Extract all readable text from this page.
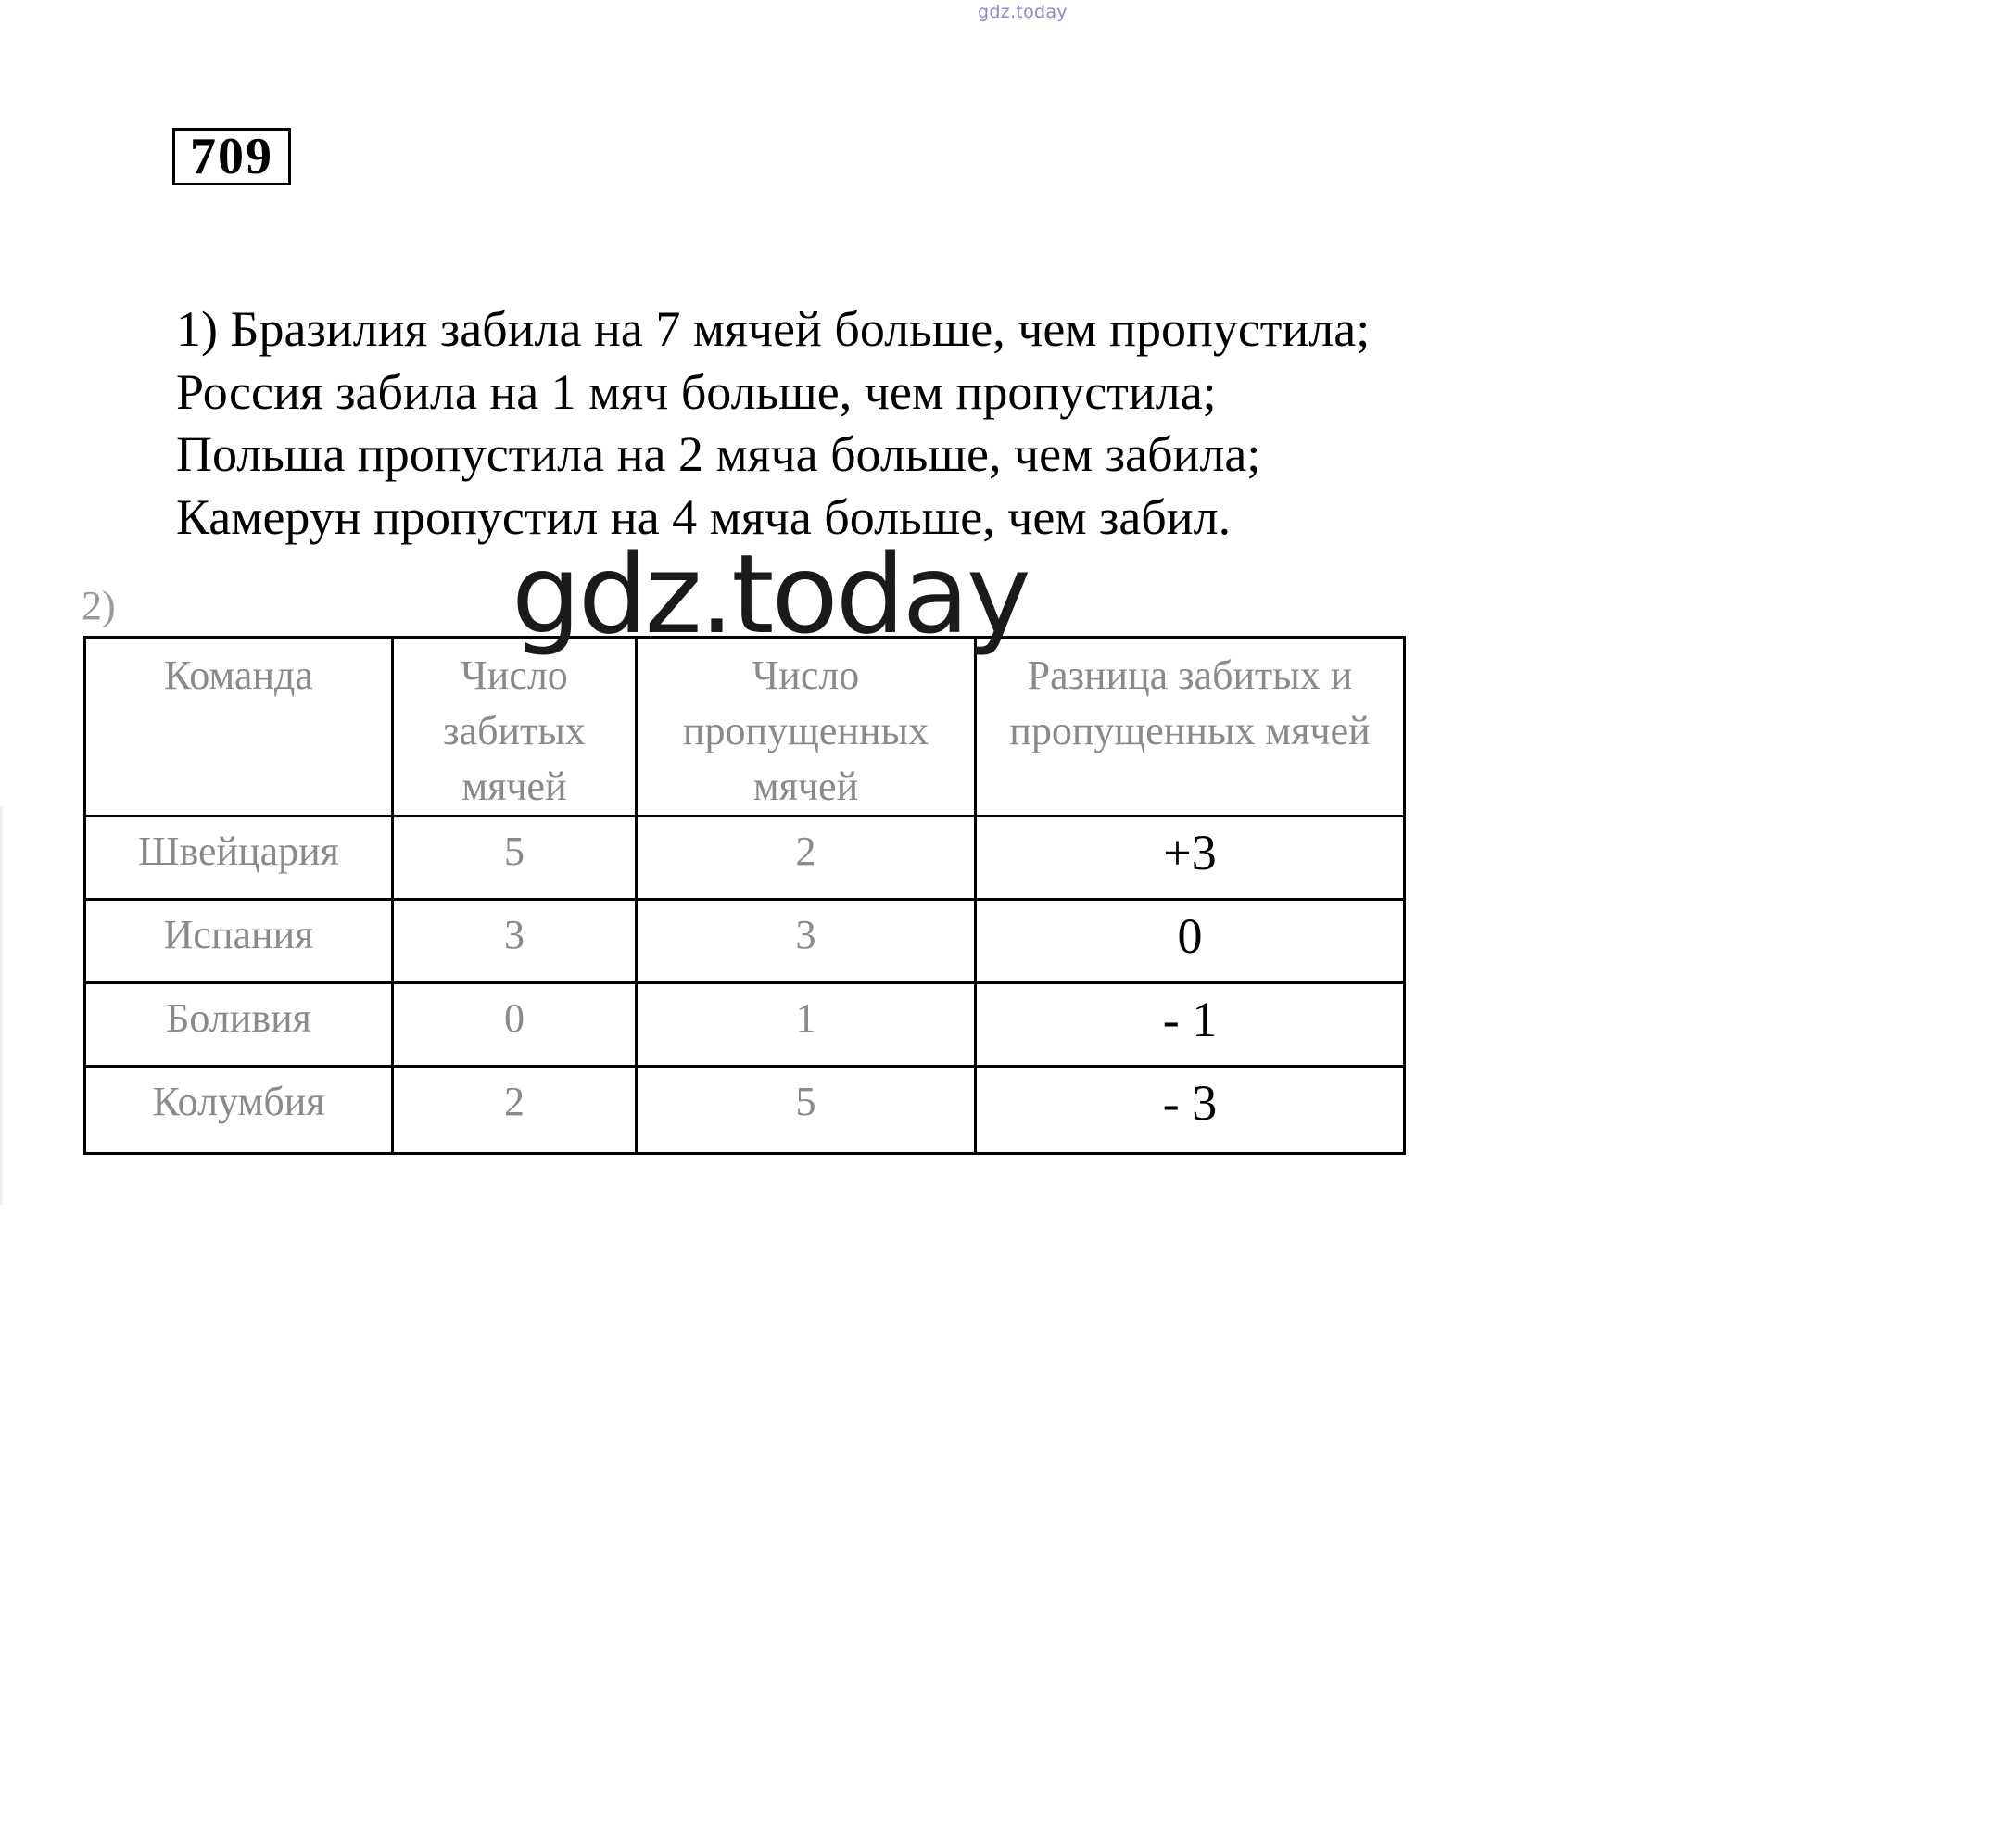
gdz.today
709
1) Бразилия забила на 7 мячей больше, чем пропустила;
Россия забила на 1 мяч больше, чем пропустила;
Польша пропустила на 2 мяча больше, чем забила;
Камерун пропустил на 4 мяча больше, чем забил.
2)
Команда	Число забитых мячей	Число пропущенных мячей	Разница забитых и пропущенных мячей
Швейцария	5	2	+3
Испания	3	3	0
Боливия	0	1	- 1
Колумбия	2	5	- 3
gdz.today
